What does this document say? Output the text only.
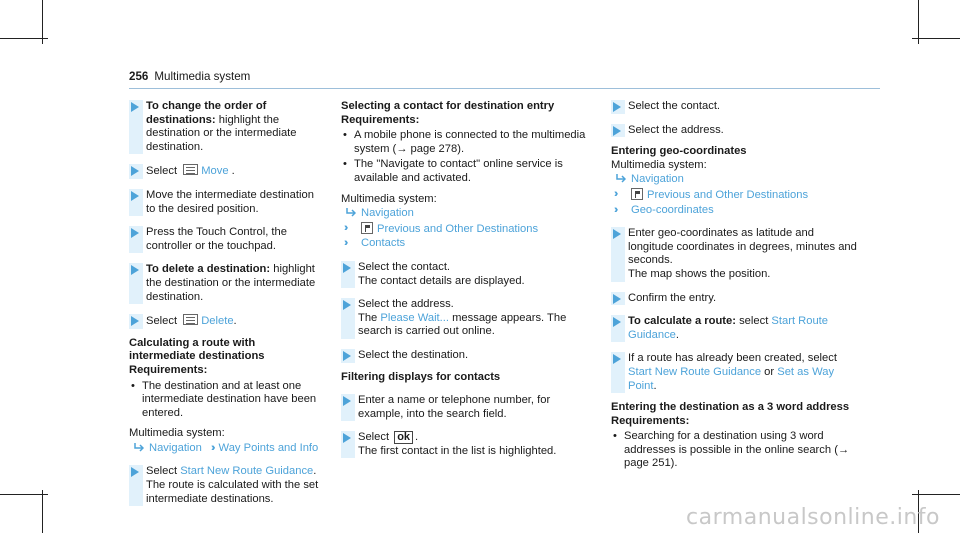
256 Multimedia system
To change the order of destinations: highlight the destination or the intermediate destination.
Select Move .
Move the intermediate destination to the desired position.
Press the Touch Control, the controller or the touchpad.
To delete a destination: highlight the destination or the intermediate destination.
Select Delete.
Calculating a route with intermediate destinations
Requirements:
• The destination and at least one intermediate destination have been entered.
Multimedia system:
Navigation ›› Way Points and Info
Select Start New Route Guidance.
The route is calculated with the set intermediate destinations.
Selecting a contact for destination entry
Requirements:
• A mobile phone is connected to the multimedia system (→ page 278).
• The "Navigate to contact" online service is available and activated.
Multimedia system:
Navigation
››	Previous and Other Destinations
›› Contacts
Select the contact.
The contact details are displayed.
Select the address.
The Please Wait... message appears. The search is carried out online.
Select the destination.
Filtering displays for contacts
Enter a name or telephone number, for example, into the search field.
Select ok .
The first contact in the list is highlighted.
Select the contact.
Select the address.
Entering geo-coordinates
Multimedia system:
Navigation
››	Previous and Other Destinations
›› Geo-coordinates
Enter geo-coordinates as latitude and longitude coordinates in degrees, minutes and seconds.
The map shows the position.
Confirm the entry.
To calculate a route: select Start Route Guidance.
If a route has already been created, select Start New Route Guidance or Set as Way Point.
Entering the destination as a 3 word address
Requirements:
• Searching for a destination using 3 word addresses is possible in the online search (→ page 251).
carmanualsonline.info
